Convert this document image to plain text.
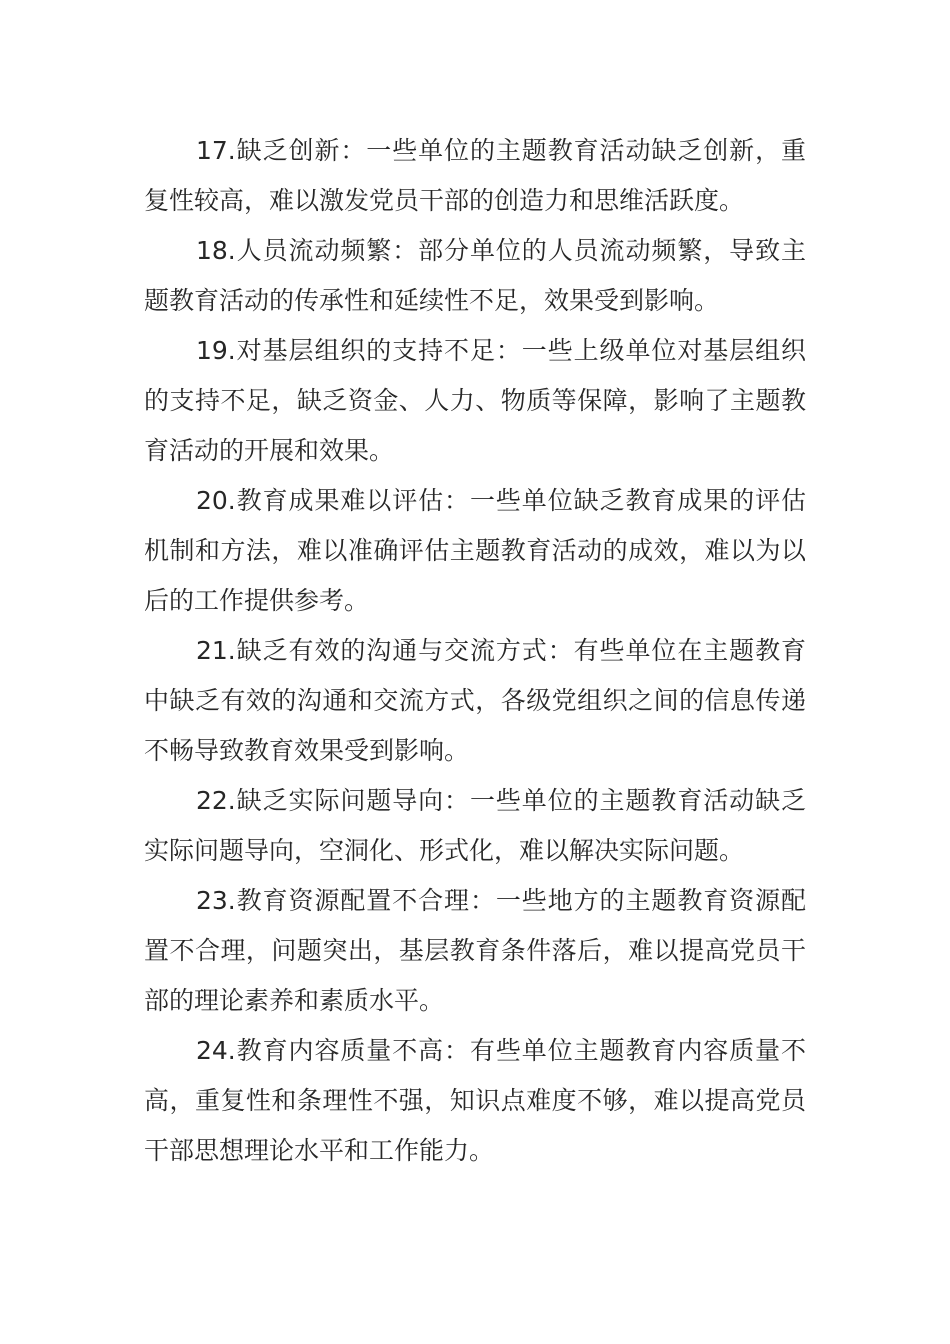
17.缺乏创新：一些单位的主题教育活动缺乏创新，重复性较高，难以激发党员干部的创造力和思维活跃度。

18.人员流动频繁：部分单位的人员流动频繁，导致主题教育活动的传承性和延续性不足，效果受到影响。

19.对基层组织的支持不足：一些上级单位对基层组织的支持不足，缺乏资金、人力、物质等保障，影响了主题教育活动的开展和效果。

20.教育成果难以评估：一些单位缺乏教育成果的评估机制和方法，难以准确评估主题教育活动的成效，难以为以后的工作提供参考。

21.缺乏有效的沟通与交流方式：有些单位在主题教育中缺乏有效的沟通和交流方式，各级党组织之间的信息传递不畅导致教育效果受到影响。

22.缺乏实际问题导向：一些单位的主题教育活动缺乏实际问题导向，空洞化、形式化，难以解决实际问题。

23.教育资源配置不合理：一些地方的主题教育资源配置不合理，问题突出，基层教育条件落后，难以提高党员干部的理论素养和素质水平。

24.教育内容质量不高：有些单位主题教育内容质量不高，重复性和条理性不强，知识点难度不够，难以提高党员干部思想理论水平和工作能力。
